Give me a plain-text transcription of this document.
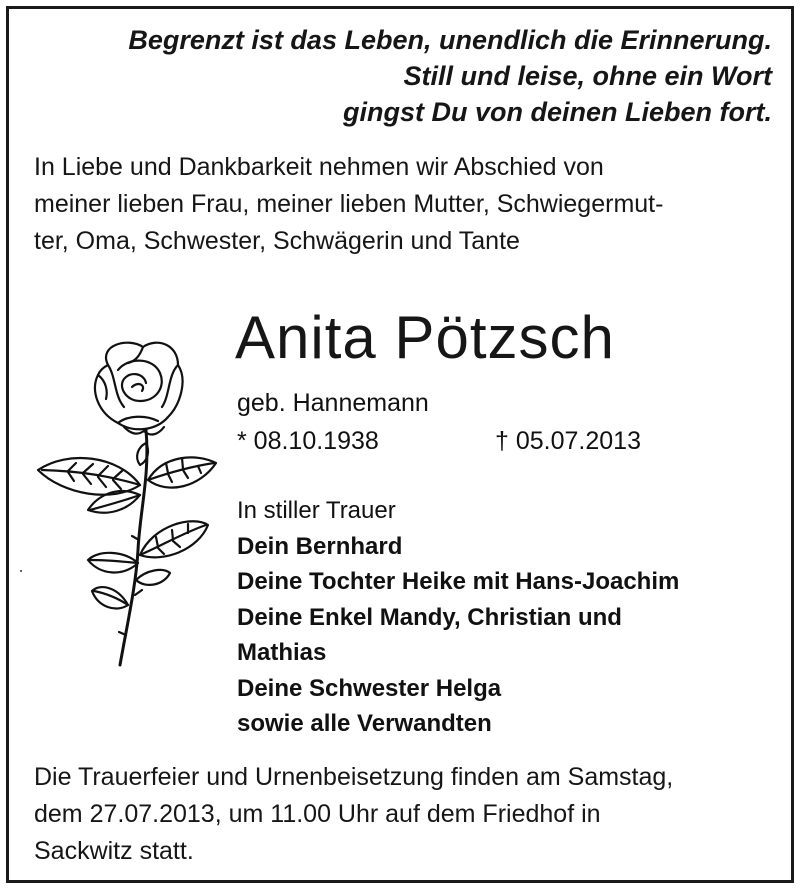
Begrenzt ist das Leben, unendlich die Erinnerung.
Still und leise, ohne ein Wort
gingst Du von deinen Lieben fort.
In Liebe und Dankbarkeit nehmen wir Abschied von
meiner lieben Frau, meiner lieben Mutter, Schwiegermut-
ter, Oma, Schwester, Schwägerin und Tante
Anita Pötzsch
geb. Hannemann
* 08.10.1938	† 05.07.2013
In stiller Trauer
Dein Bernhard
Deine Tochter Heike mit Hans-Joachim
Deine Enkel Mandy, Christian und
Mathias
Deine Schwester Helga
sowie alle Verwandten
Die Trauerfeier und Urnenbeisetzung finden am Samstag,
dem 27.07.2013, um 11.00 Uhr auf dem Friedhof in
Sackwitz statt.
